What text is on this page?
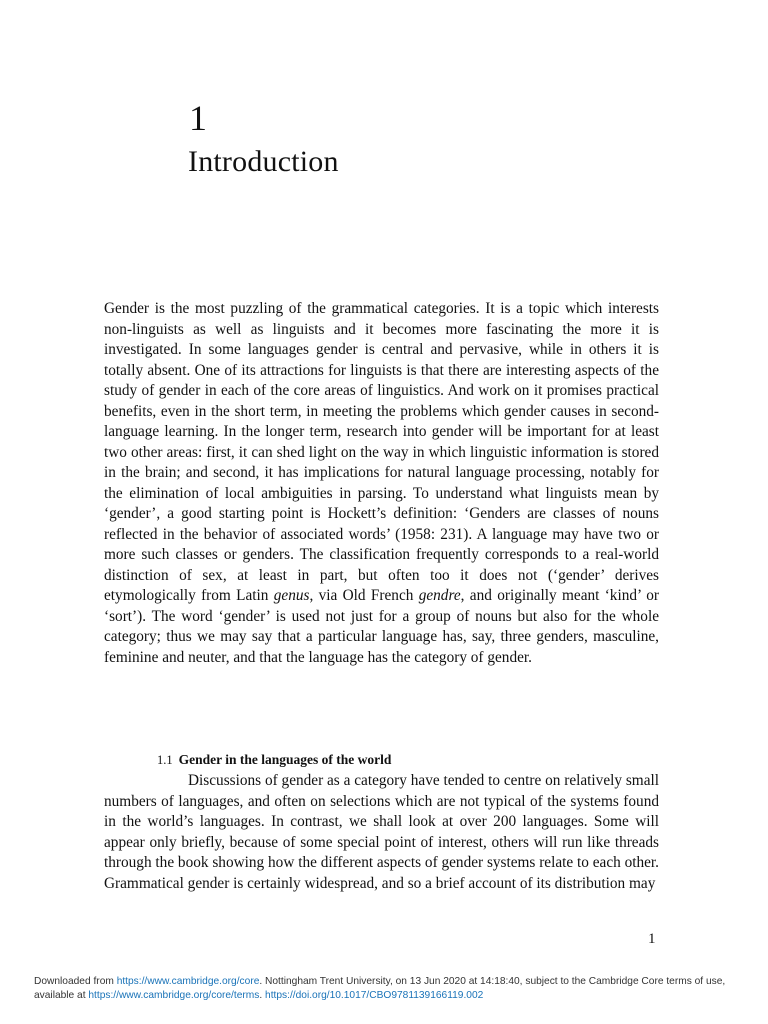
1
Introduction

Gender is the most puzzling of the grammatical categories. It is a topic which interests non-linguists as well as linguists and it becomes more fascinating the more it is investigated. In some languages gender is central and pervasive, while in others it is totally absent. One of its attractions for linguists is that there are interesting aspects of the study of gender in each of the core areas of linguistics. And work on it promises practical benefits, even in the short term, in meeting the problems which gender causes in second-language learning. In the longer term, research into gender will be important for at least two other areas: first, it can shed light on the way in which linguistic information is stored in the brain; and second, it has implications for natural language processing, notably for the elimination of local ambiguities in parsing. To understand what linguists mean by ‘gender’, a good starting point is Hockett’s definition: ‘Genders are classes of nouns reflected in the behavior of associated words’ (1958: 231). A language may have two or more such classes or genders. The classification frequently corresponds to a real-world distinction of sex, at least in part, but often too it does not (‘gender’ derives etymologically from Latin genus, via Old French gendre, and originally meant ‘kind’ or ‘sort’). The word ‘gender’ is used not just for a group of nouns but also for the whole category; thus we may say that a particular language has, say, three genders, masculine, feminine and neuter, and that the language has the category of gender.

1.1 Gender in the languages of the world

Discussions of gender as a category have tended to centre on relatively small numbers of languages, and often on selections which are not typical of the systems found in the world’s languages. In contrast, we shall look at over 200 languages. Some will appear only briefly, because of some special point of interest, others will run like threads through the book showing how the different aspects of gender systems relate to each other. Grammatical gender is certainly widespread, and so a brief account of its distribution may

1

Downloaded from https://www.cambridge.org/core. Nottingham Trent University, on 13 Jun 2020 at 14:18:40, subject to the Cambridge Core terms of use, available at https://www.cambridge.org/core/terms. https://doi.org/10.1017/CBO9781139166119.002
